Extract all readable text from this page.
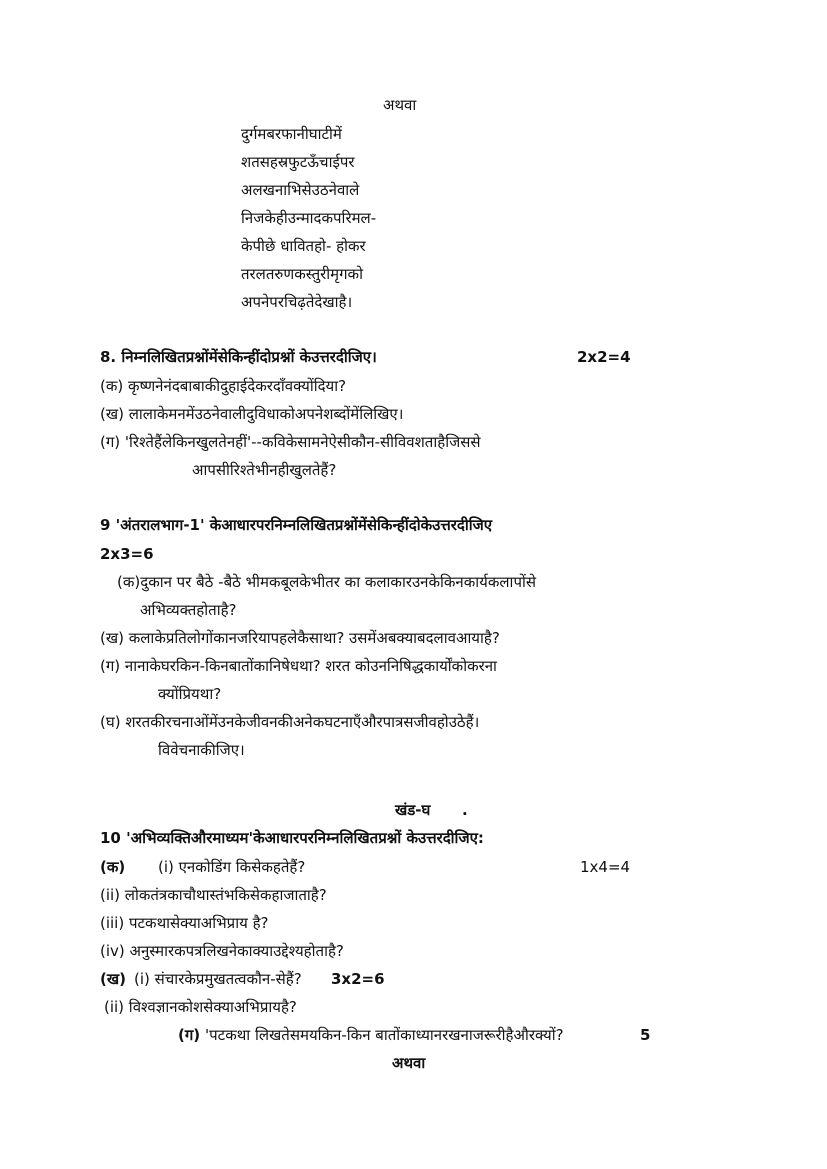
अथवा
दुर्गमबरफानीघाटीमें
शतसहस्रफुटऊँचाईपर
अलखनाभिसेउठनेवाले
निजकेहीउन्मादकपरिमल-
केपीछे धावितहो- होकर
तरलतरुणकस्तुरीमृगको
अपनेपरचिढ़तेदेखाहै।
8. निम्नलिखितप्रश्नोंमेंसेकिन्हींदोप्रश्नों केउत्तरदीजिए।	2x2=4
(क) कृष्णनेनंदबाबाकीदुहाईदेकरदाँवक्योंदिया?
(ख) लालाकेमनमेंउठनेवालीदुविधाकोअपनेशब्दोंमेंलिखिए।
(ग) 'रिश्तेहैंलेकिनखुलतेनहीं'--कविकेसामनेऐसीकौन-सीविवशताहैजिससे
आपसीरिश्तेभीनहीखुलतेहैं?
9 'अंतरालभाग-1' केआधारपरनिम्नलिखितप्रश्नोंमेंसेकिन्हींदोकेउत्तरदीजिए
2x3=6
(क)दुकान पर बैठे -बैठे भीमकबूलकेभीतर का कलाकारउनकेकिनकार्यकलापोंसे
अभिव्यक्तहोताहै?
(ख) कलाकेप्रतिलोगोंकानजरियापहलेकैसाथा? उसमेंअबक्याबदलावआयाहै?
(ग) नानाकेघरकिन-किनबातोंकानिषेधथा? शरत कोउननिषिद्धकार्योंकोकरना
क्योंप्रियथा?
(घ) शरतकीरचनाओंमेंउनकेजीवनकीअनेकघटनाएँऔरपात्रसजीवहोउठेहैं।
विवेचनाकीजिए।
खंड-घ .
10 'अभिव्यक्तिऔरमाध्यम'केआधारपरनिम्नलिखितप्रश्नों केउत्तरदीजिए:
(क) (i) एनकोडिंग किसेकहतेहैं?	1x4=4
(ii) लोकतंत्रकाचौथास्तंभकिसेकहाजाताहै?
(iii) पटकथासेक्याअभिप्राय है?
(iv) अनुस्मारकपत्रलिखनेकाक्याउद्देश्यहोताहै?
(ख) (i) संचारकेप्रमुखतत्वकौन-सेहैं? 3x2=6
(ii) विश्वज्ञानकोशसेक्याअभिप्रायहै?
(ग) 'पटकथा लिखतेसमयकिन-किन बातोंकाध्यानरखनाजरूरीहैऔरक्यों?	5
अथवा
